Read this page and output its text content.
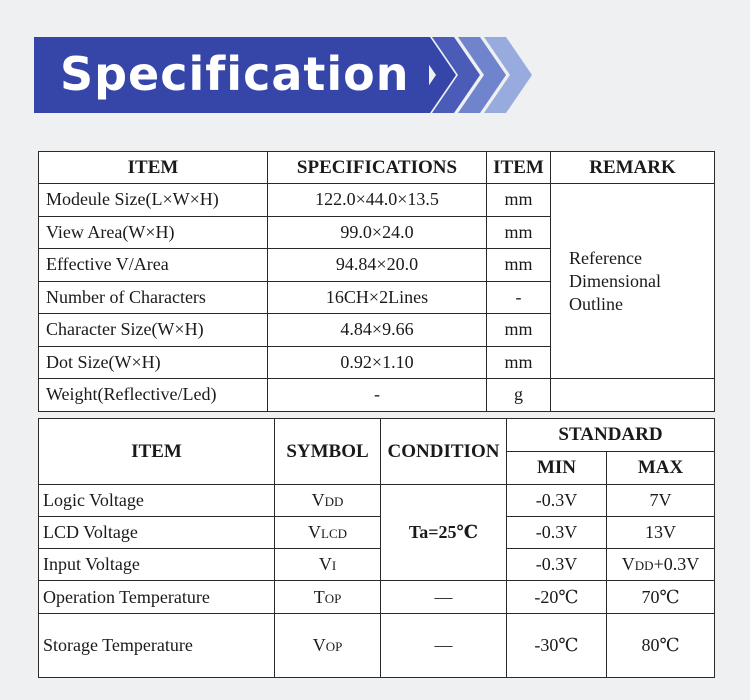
Specification
ITEM	SPECIFICATIONS	ITEM	REMARK
Modeule Size(L×W×H)	122.0×44.0×13.5	mm	Reference
Dimensional
Outline

View Area(W×H)	99.0×24.0	mm	
Effective V/Area	94.84×20.0	mm	
Number of Characters	16CH×2Lines	-	
Character Size(W×H)	4.84×9.66	mm	
Dot Size(W×H)	0.92×1.10	mm	
Weight(Reflective/Led)	-	g	
ITEM	SYMBOL	CONDITION	STANDARD	
			MIN	MAX
Logic Voltage	VDD	Ta=25℃	-0.3V	7V
LCD Voltage	VLCD		-0.3V	13V
Input Voltage	VI		-0.3V	VDD+0.3V
Operation Temperature	TOP	—	-20℃	70℃
Storage Temperature	VOP	—	-30℃	80℃
